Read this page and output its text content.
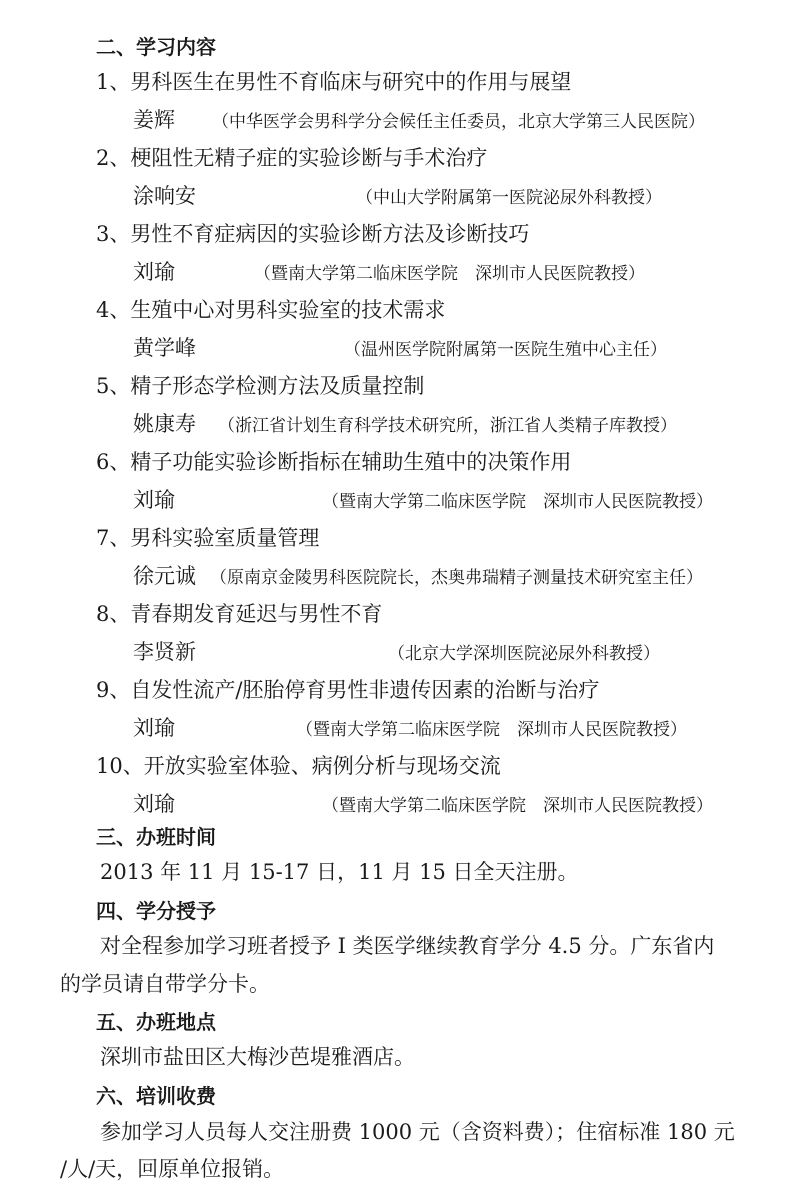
二、学习内容
1、男科医生在男性不育临床与研究中的作用与展望
姜辉 （中华医学会男科学分会候任主任委员，北京大学第三人民医院）
2、梗阻性无精子症的实验诊断与手术治疗
涂响安	（中山大学附属第一医院泌尿外科教授）
3、男性不育症病因的实验诊断方法及诊断技巧
刘瑜	（暨南大学第二临床医学院　深圳市人民医院教授）
4、生殖中心对男科实验室的技术需求
黄学峰	（温州医学院附属第一医院生殖中心主任）
5、精子形态学检测方法及质量控制
姚康寿 （浙江省计划生育科学技术研究所，浙江省人类精子库教授）
6、精子功能实验诊断指标在辅助生殖中的决策作用
刘瑜	（暨南大学第二临床医学院　深圳市人民医院教授）
7、男科实验室质量管理
徐元诚 （原南京金陵男科医院院长，杰奥弗瑞精子测量技术研究室主任）
8、青春期发育延迟与男性不育
李贤新	（北京大学深圳医院泌尿外科教授）
9、自发性流产/胚胎停育男性非遗传因素的治断与治疗
刘瑜	（暨南大学第二临床医学院　深圳市人民医院教授）
10、开放实验室体验、病例分析与现场交流
刘瑜	（暨南大学第二临床医学院　深圳市人民医院教授）
三、办班时间
2013 年 11 月 15-17 日，11 月 15 日全天注册。
四、学分授予
对全程参加学习班者授予 I 类医学继续教育学分 4.5 分。广东省内
的学员请自带学分卡。
五、办班地点
深圳市盐田区大梅沙芭堤雅酒店。
六、培训收费
参加学习人员每人交注册费 1000 元（含资料费）；住宿标准 180 元
/人/天，回原单位报销。
